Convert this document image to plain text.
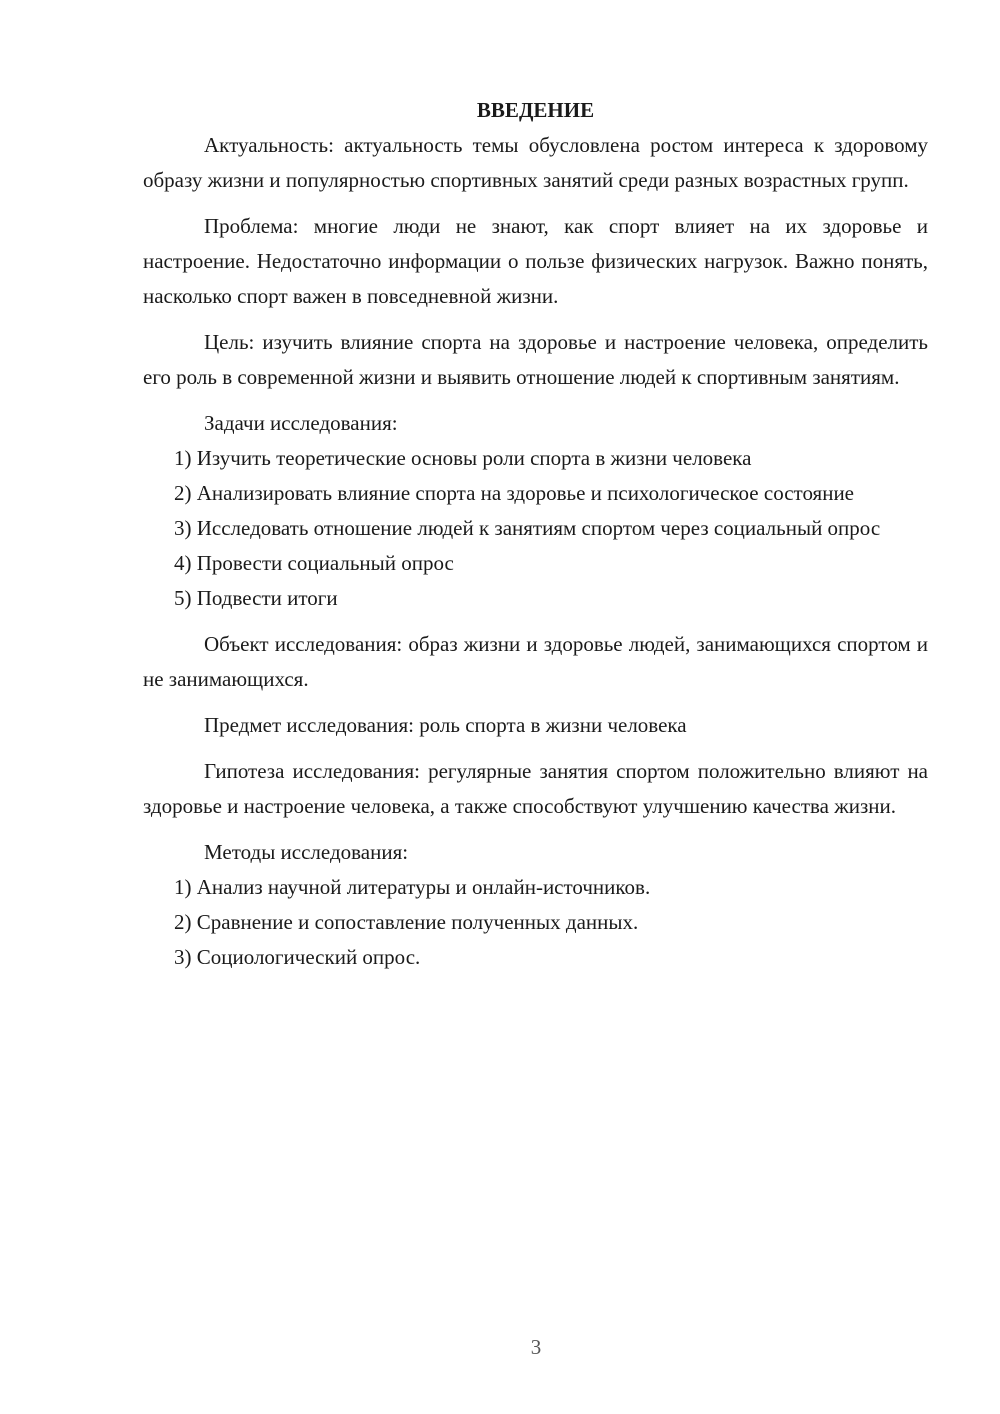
ВВЕДЕНИЕ

Актуальность: актуальность темы обусловлена ростом интереса к здоровому образу жизни и популярностью спортивных занятий среди разных возрастных групп.

Проблема: многие люди не знают, как спорт влияет на их здоровье и настроение. Недостаточно информации о пользе физических нагрузок. Важно понять, насколько спорт важен в повседневной жизни.

Цель: изучить влияние спорта на здоровье и настроение человека, определить его роль в современной жизни и выявить отношение людей к спортивным занятиям.

Задачи исследования:

1) Изучить теоретические основы роли спорта в жизни человека

2) Анализировать влияние спорта на здоровье и психологическое состояние

3) Исследовать отношение людей к занятиям спортом через социальный опрос

4) Провести социальный опрос

5) Подвести итоги

Объект исследования: образ жизни и здоровье людей, занимающихся спортом и не занимающихся.

Предмет исследования: роль спорта в жизни человека

Гипотеза исследования: регулярные занятия спортом положительно влияют на здоровье и настроение человека, а также способствуют улучшению качества жизни.

Методы исследования:

1) Анализ научной литературы и онлайн-источников.

2) Сравнение и сопоставление полученных данных.

3) Социологический опрос.

3
